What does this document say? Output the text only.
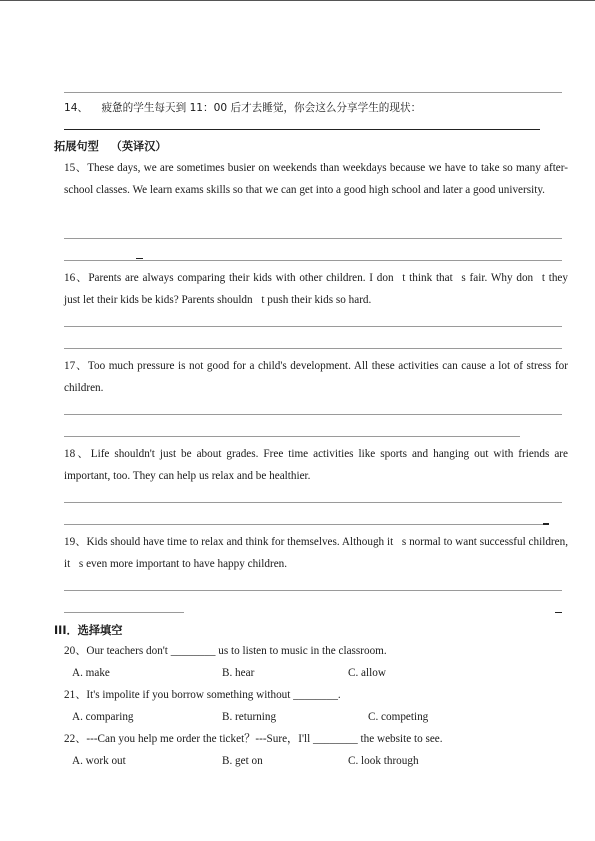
14、 疲惫的学生每天到 11：00 后才去睡觉，你会这么分享学生的现状：
拓展句型 （英译汉）
15、These days, we are sometimes busier on weekends than weekdays because we have to take so many after-school classes. We learn exams skills so that we can get into a good high school and later a good university.
16、Parents are always comparing their kids with other children. I don t think that s fair. Why don t they just let their kids be kids? Parents shouldn t push their kids so hard.
17、Too much pressure is not good for a child's development. All these activities can cause a lot of stress for children.
18、Life shouldn't just be about grades. Free time activities like sports and hanging out with friends are important, too. They can help us relax and be healthier.
19、Kids should have time to relax and think for themselves. Although it s normal to want successful children, it s even more important to have happy children.
III．选择填空
20、Our teachers don't ________ us to listen to music in the classroom.
A. make	B. hear	C. allow
21、It's impolite if you borrow something without ________.
A. comparing	B. returning	C. competing
22、---Can you help me order the ticket？---Sure，I'll ________ the website to see.
A. work out	B. get on	C. look through
